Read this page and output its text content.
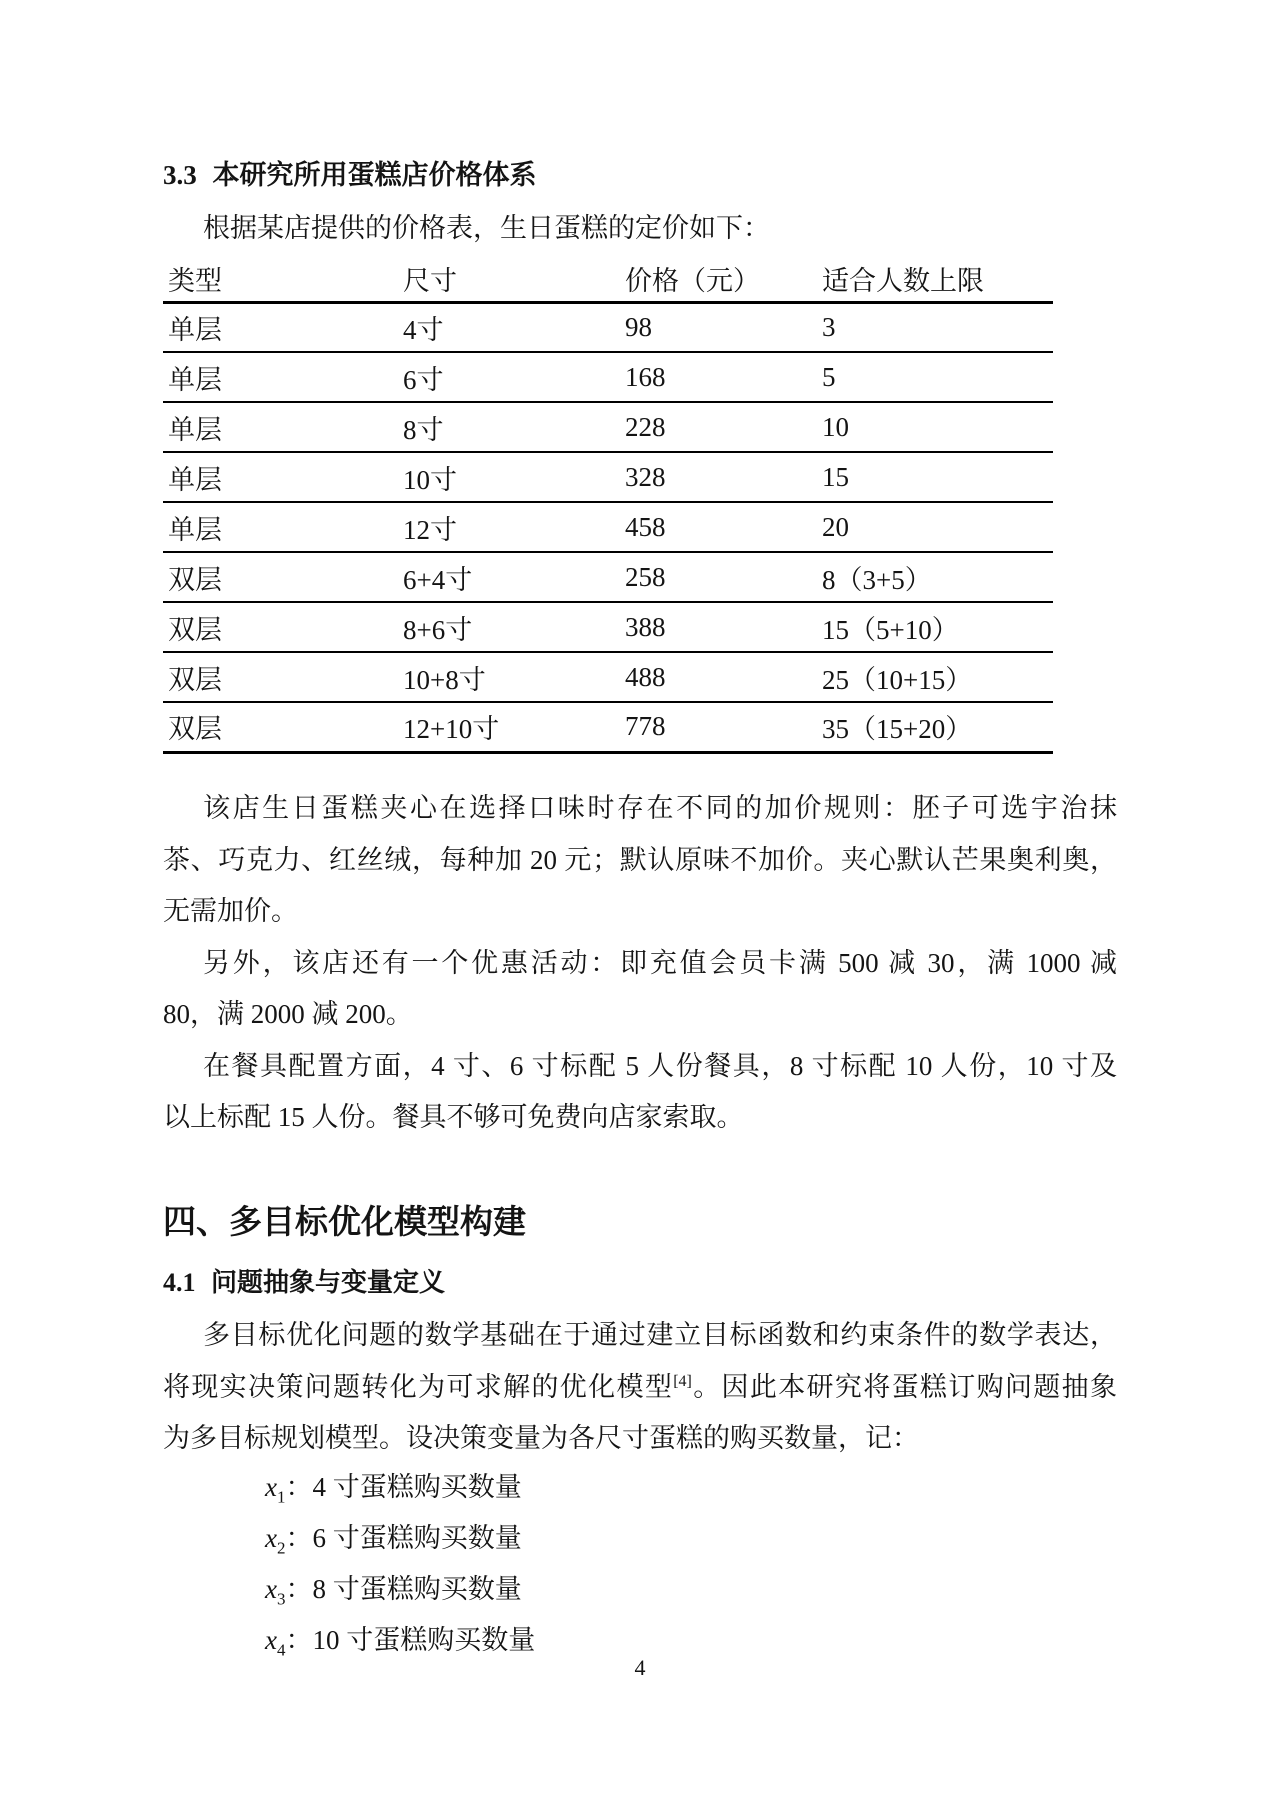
3.3 本研究所用蛋糕店价格体系
根据某店提供的价格表，生日蛋糕的定价如下：
类型	尺寸	价格（元）	适合人数上限
单层	4寸	98	3
单层	6寸	168	5
单层	8寸	228	10
单层	10寸	328	15
单层	12寸	458	20
双层	6+4寸	258	8（3+5）
双层	8+6寸	388	15（5+10）
双层	10+8寸	488	25（10+15）
双层	12+10寸	778	35（15+20）
该店生日蛋糕夹心在选择口味时存在不同的加价规则：胚子可选宇治抹
茶、巧克力、红丝绒，每种加 20 元；默认原味不加价。夹心默认芒果奥利奥，
无需加价。
另外，该店还有一个优惠活动：即充值会员卡满 500 减 30，满 1000 减
80，满 2000 减 200。
在餐具配置方面，4 寸、6 寸标配 5 人份餐具，8 寸标配 10 人份，10 寸及
以上标配 15 人份。餐具不够可免费向店家索取。
四、多目标优化模型构建
4.1 问题抽象与变量定义
多目标优化问题的数学基础在于通过建立目标函数和约束条件的数学表达，
将现实决策问题转化为可求解的优化模型[4]。因此本研究将蛋糕订购问题抽象
为多目标规划模型。设决策变量为各尺寸蛋糕的购买数量，记：
$x_1$：4 寸蛋糕购买数量
$x_2$：6 寸蛋糕购买数量
$x_3$：8 寸蛋糕购买数量
$x_4$：10 寸蛋糕购买数量
4
